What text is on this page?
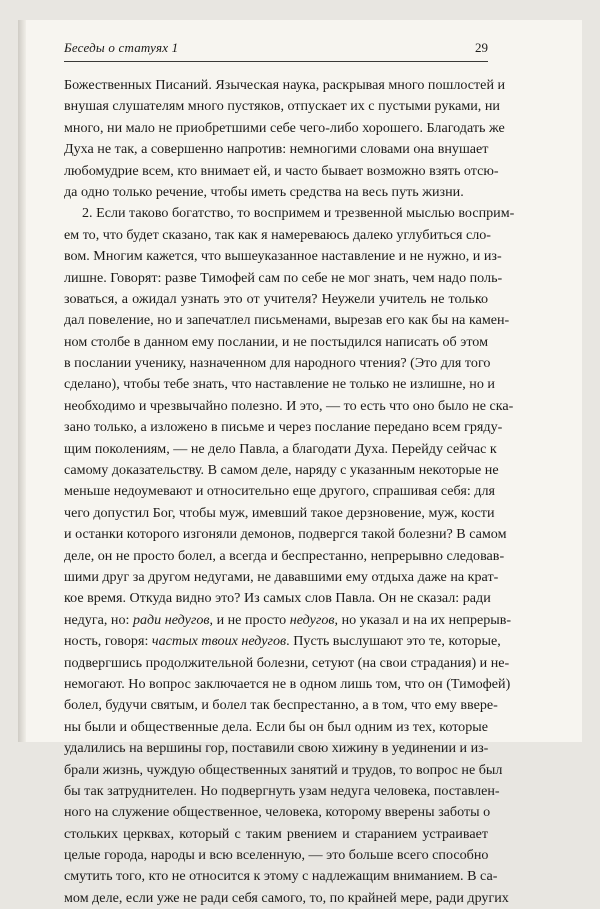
Беседы о статуях 1	29
Божественных Писаний. Языческая наука, раскрывая много пошлостей и
внушая слушателям много пустяков, отпускает их с пустыми руками, ни
много, ни мало не приобретшими себе чего-либо хорошего. Благодать же
Духа не так, а совершенно напротив: немногими словами она внушает
любомудрие всем, кто внимает ей, и часто бывает возможно взять отсю-
да одно только речение, чтобы иметь средства на весь путь жизни.
2. Если таково богатство, то воспримем и трезвенной мыслью восприм-
ем то, что будет сказано, так как я намереваюсь далеко углубиться сло-
вом. Многим кажется, что вышеуказанное наставление и не нужно, и из-
лишне. Говорят: разве Тимофей сам по себе не мог знать, чем надо поль-
зоваться, а ожидал узнать это от учителя? Неужели учитель не только
дал повеление, но и запечатлел письменами, вырезав его как бы на камен-
ном столбе в данном ему послании, и не постыдился написать об этом
в послании ученику, назначенном для народного чтения? (Это для того
сделано), чтобы тебе знать, что наставление не только не излишне, но и
необходимо и чрезвычайно полезно. И это, — то есть что оно было не ска-
зано только, а изложено в письме и через послание передано всем гряду-
щим поколениям, — не дело Павла, а благодати Духа. Перейду сейчас к
самому доказательству. В самом деле, наряду с указанным некоторые не
меньше недоумевают и относительно еще другого, спрашивая себя: для
чего допустил Бог, чтобы муж, имевший такое дерзновение, муж, кости
и останки которого изгоняли демонов, подвергся такой болезни? В самом
деле, он не просто болел, а всегда и беспрестанно, непрерывно следовав-
шими друг за другом недугами, не дававшими ему отдыха даже на крат-
кое время. Откуда видно это? Из самых слов Павла. Он не сказал: ради
недуга, но: ради недугов, и не просто недугов, но указал и на их непрерыв-
ность, говоря: частых твоих недугов. Пусть выслушают это те, которые,
подвергшись продолжительной болезни, сетуют (на свои страдания) и не-
немогают. Но вопрос заключается не в одном лишь том, что он (Тимофей)
болел, будучи святым, и болел так беспрестанно, а в том, что ему ввере-
ны были и общественные дела. Если бы он был одним из тех, которые
удалились на вершины гор, поставили свою хижину в уединении и из-
брали жизнь, чуждую общественных занятий и трудов, то вопрос не был
бы так затруднителен. Но подвергнуть узам недуга человека, поставлен-
ного на служение общественное, человека, которому вверены заботы о
стольких церквах, который с таким рвением и старанием устраивает
целые города, народы и всю вселенную, — это больше всего способно
смутить того, кто не относится к этому с надлежащим вниманием. В са-
мом деле, если уже не ради себя самого, то, по крайней мере, ради других
